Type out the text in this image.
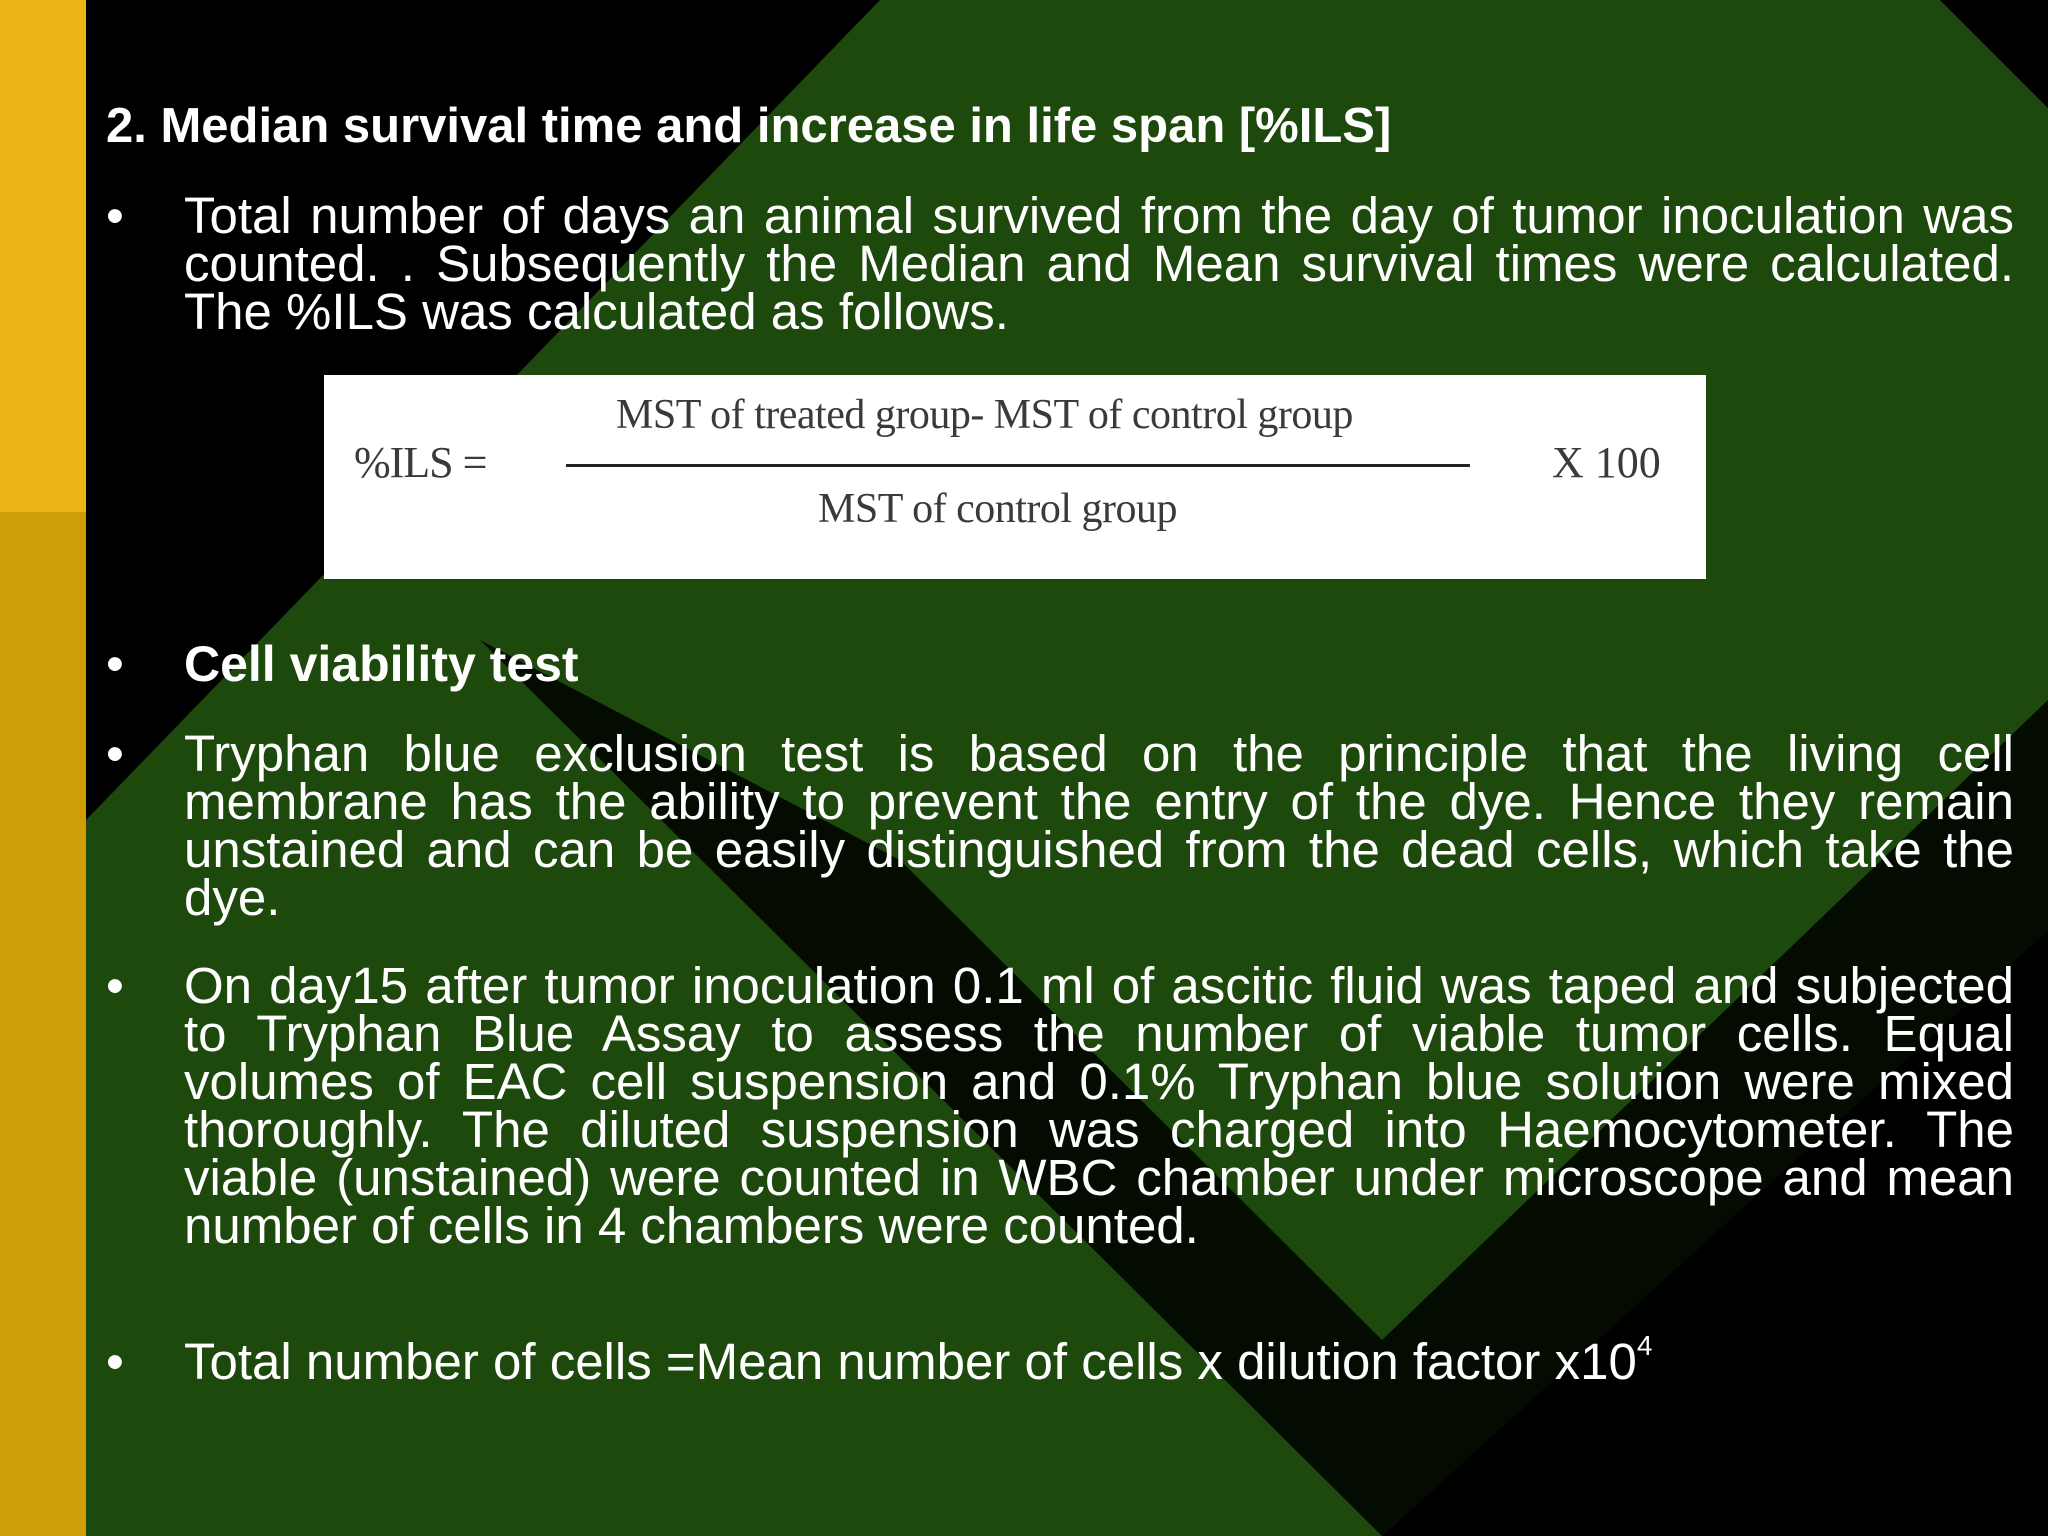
2. Median survival time and increase in life span [%ILS]
•	Total number of days an animal survived from the day of tumor inoculation was counted. . Subsequently the Median and Mean survival times were calculated. The %ILS was calculated as follows.
%ILS =
MST of treated group- MST of control group
MST of control group
X 100
•	Cell viability test
•	Tryphan blue exclusion test is based on the principle that the living cell membrane has the ability to prevent the entry of the dye. Hence they remain unstained and can be easily distinguished from the dead cells, which take the dye.
•	On day15 after tumor inoculation 0.1 ml of ascitic fluid was taped and subjected to Tryphan Blue Assay to assess the number of viable tumor cells. Equal volumes of EAC cell suspension and 0.1% Tryphan blue solution were mixed thoroughly. The diluted suspension was charged into Haemocytometer. The viable (unstained) were counted in WBC chamber under microscope and mean number of cells in 4 chambers were counted.
•	Total number of cells =Mean number of cells x dilution factor $x10^4$
